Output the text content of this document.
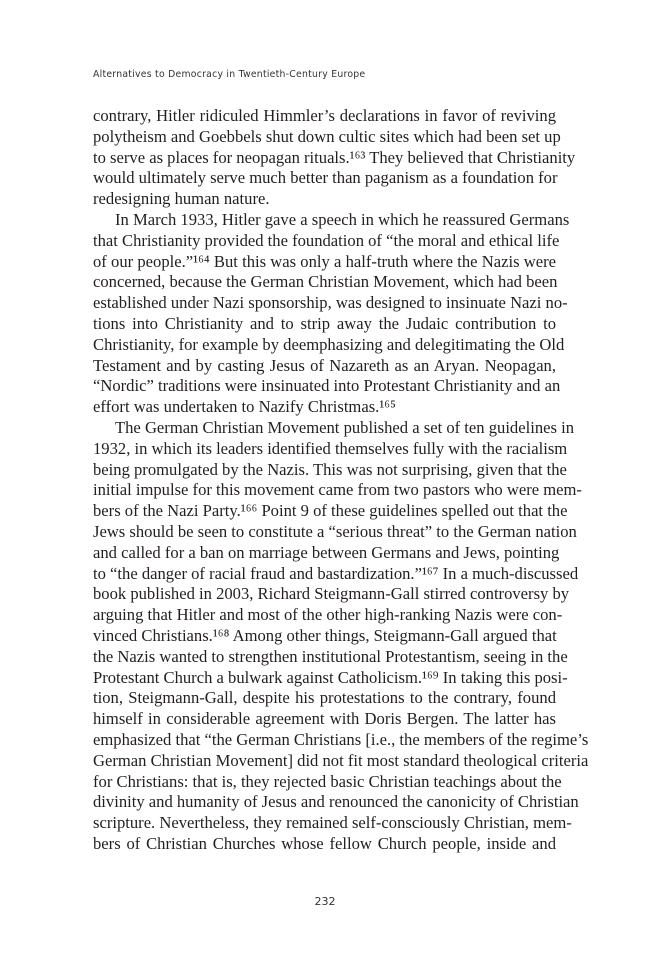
Alternatives to Democracy in Twentieth-Century Europe
contrary, Hitler ridiculed Himmler’s declarations in favor of reviving
polytheism and Goebbels shut down cultic sites which had been set up
to serve as places for neopagan rituals.¹⁶³ They believed that Christianity
would ultimately serve much better than paganism as a foundation for
redesigning human nature.
In March 1933, Hitler gave a speech in which he reassured Germans
that Christianity provided the foundation of “the moral and ethical life
of our people.”¹⁶⁴ But this was only a half-truth where the Nazis were
concerned, because the German Christian Movement, which had been
established under Nazi sponsorship, was designed to insinuate Nazi no-
tions into Christianity and to strip away the Judaic contribution to
Christianity, for example by deemphasizing and delegitimating the Old
Testament and by casting Jesus of Nazareth as an Aryan. Neopagan,
“Nordic” traditions were insinuated into Protestant Christianity and an
effort was undertaken to Nazify Christmas.¹⁶⁵
The German Christian Movement published a set of ten guidelines in
1932, in which its leaders identified themselves fully with the racialism
being promulgated by the Nazis. This was not surprising, given that the
initial impulse for this movement came from two pastors who were mem-
bers of the Nazi Party.¹⁶⁶ Point 9 of these guidelines spelled out that the
Jews should be seen to constitute a “serious threat” to the German nation
and called for a ban on marriage between Germans and Jews, pointing
to “the danger of racial fraud and bastardization.”¹⁶⁷ In a much-discussed
book published in 2003, Richard Steigmann-Gall stirred controversy by
arguing that Hitler and most of the other high-ranking Nazis were con-
vinced Christians.¹⁶⁸ Among other things, Steigmann-Gall argued that
the Nazis wanted to strengthen institutional Protestantism, seeing in the
Protestant Church a bulwark against Catholicism.¹⁶⁹ In taking this posi-
tion, Steigmann-Gall, despite his protestations to the contrary, found
himself in considerable agreement with Doris Bergen. The latter has
emphasized that “the German Christians [i.e., the members of the regime’s
German Christian Movement] did not fit most standard theological criteria
for Christians: that is, they rejected basic Christian teachings about the
divinity and humanity of Jesus and renounced the canonicity of Christian
scripture. Nevertheless, they remained self-consciously Christian, mem-
bers of Christian Churches whose fellow Church people, inside and
232
